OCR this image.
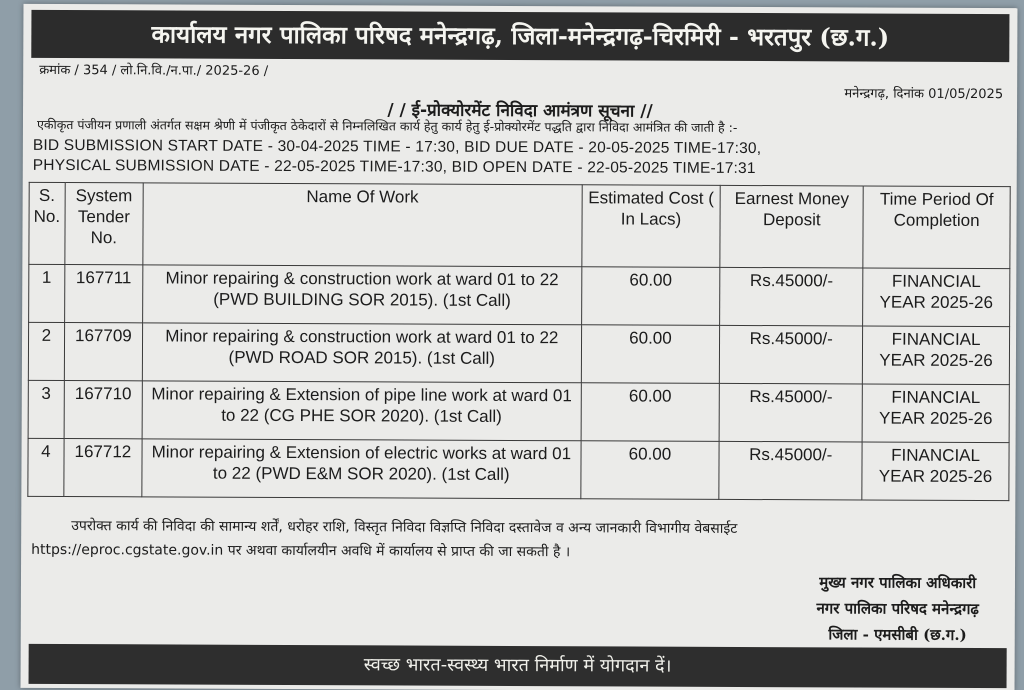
कार्यालय नगर पालिका परिषद मनेन्द्रगढ़, जिला-मनेन्द्रगढ़-चिरमिरी - भरतपुर (छ.ग.)
क्रमांक / 354 / लो.नि.वि./न.पा./ 2025-26 /
मनेन्द्रगढ़, दिनांक 01/05/2025
/ / ई-प्रोक्योरमेंट निविदा आमंत्रण सूचना //
एकीकृत पंजीयन प्रणाली अंतर्गत सक्षम श्रेणी में पंजीकृत ठेकेदारों से निम्नलिखित कार्य हेतु कार्य हेतु ई-प्रोक्योरमेंट पद्धति द्वारा निविदा आमंत्रित की जाती है :-
BID SUBMISSION START DATE - 30-04-2025 TIME - 17:30, BID DUE DATE - 20-05-2025 TIME-17:30,
PHYSICAL SUBMISSION DATE - 22-05-2025 TIME-17:30, BID OPEN DATE - 22-05-2025 TIME-17:31
S. No.	System Tender No.	Name Of Work	Estimated Cost ( In Lacs)	Earnest Money Deposit	Time Period Of Completion
1	167711	Minor repairing & construction work at ward 01 to 22 (PWD BUILDING SOR 2015). (1st Call)	60.00	Rs.45000/-	FINANCIAL YEAR 2025-26
2	167709	Minor repairing & construction work at ward 01 to 22 (PWD ROAD SOR 2015). (1st Call)	60.00	Rs.45000/-	FINANCIAL YEAR 2025-26
3	167710	Minor repairing & Extension of pipe line work at ward 01 to 22 (CG PHE SOR 2020). (1st Call)	60.00	Rs.45000/-	FINANCIAL YEAR 2025-26
4	167712	Minor repairing & Extension of electric works at ward 01 to 22 (PWD E&M SOR 2020). (1st Call)	60.00	Rs.45000/-	FINANCIAL YEAR 2025-26
उपरोक्त कार्य की निविदा की सामान्य शर्तें, धरोहर राशि, विस्तृत निविदा विज्ञप्ति निविदा दस्तावेज व अन्य जानकारी विभागीय वेबसाईट
https://eproc.cgstate.gov.in पर अथवा कार्यालयीन अवधि में कार्यालय से प्राप्त की जा सकती है ।
मुख्य नगर पालिका अधिकारी
नगर पालिका परिषद मनेन्द्रगढ़
जिला - एमसीबी (छ.ग.)
स्वच्छ भारत-स्वस्थ्य भारत निर्माण में योगदान दें।
